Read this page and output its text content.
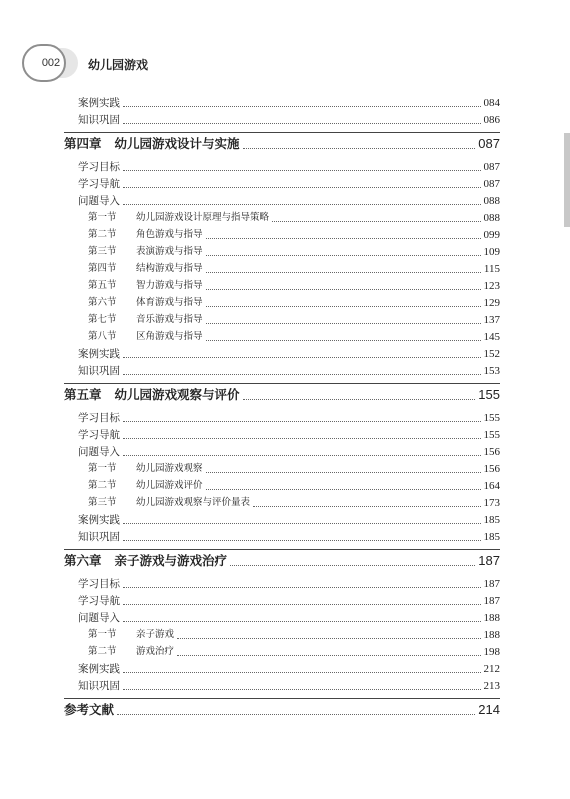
002	幼儿园游戏
案例实践	084
知识巩固	086
第四章   幼儿园游戏设计与实施	087
学习目标	087
学习导航	087
问题导入	088
第一节	幼儿园游戏设计原理与指导策略	088
第二节	角色游戏与指导	099
第三节	表演游戏与指导	109
第四节	结构游戏与指导	115
第五节	智力游戏与指导	123
第六节	体育游戏与指导	129
第七节	音乐游戏与指导	137
第八节	区角游戏与指导	145
案例实践	152
知识巩固	153
第五章   幼儿园游戏观察与评价	155
学习目标	155
学习导航	155
问题导入	156
第一节	幼儿园游戏观察	156
第二节	幼儿园游戏评价	164
第三节	幼儿园游戏观察与评价量表	173
案例实践	185
知识巩固	185
第六章   亲子游戏与游戏治疗	187
学习目标	187
学习导航	187
问题导入	188
第一节	亲子游戏	188
第二节	游戏治疗	198
案例实践	212
知识巩固	213
参考文献	214
